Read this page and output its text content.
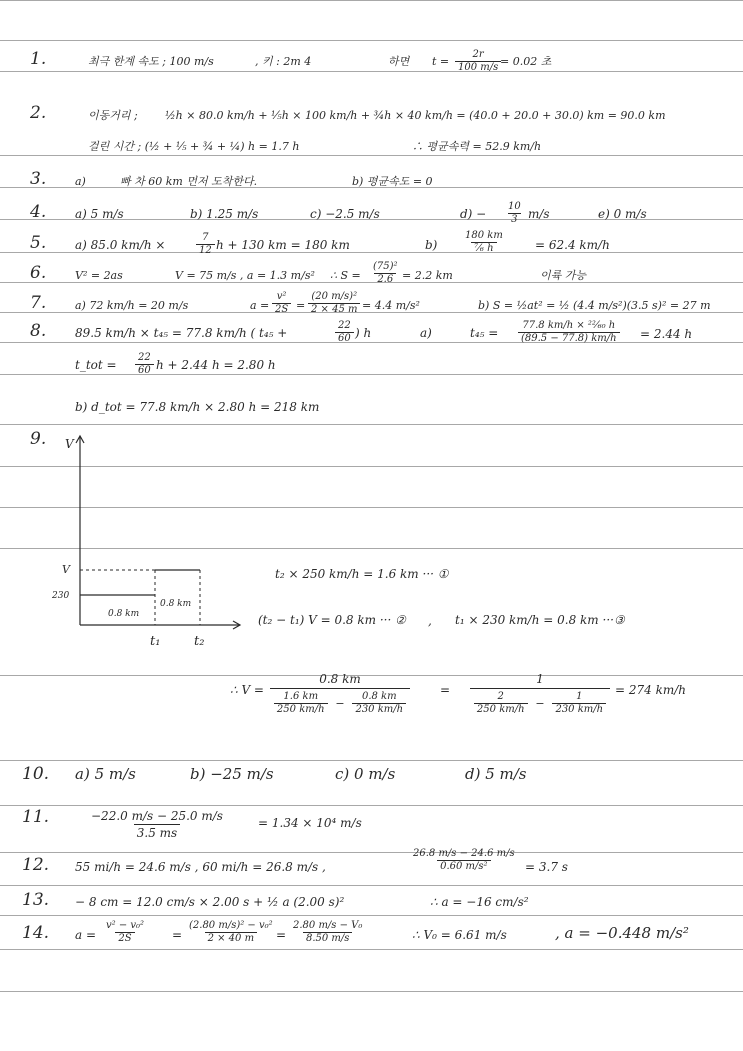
1.	최극 한계 속도 ; 100 m/s	, 키 : 2m 4	하면 $t = \frac{2r}{100 m/s}$
= 0.02 초
2.	이동거리 ; ½h × 80.0 km/h + ⅕h × 100 km/h + ¾h × 40 km/h = (40.0 + 20.0 + 30.0) km = 90.0 km
걸린 시간 ; (½ + ⅕ + ¾ + ¼) h = 1.7 h	∴ 평균속력 = 52.9 km/h
3.	a)	빠 차 60 km 먼저 도착한다.	b) 평균속도 = 0
4. a) 5 m/s	b) 1.25 m/s	c) −2.5 m/s	$d) - \frac{10}{3} m/s$	e) 0 m/s
5. a) 85.0 km/h ×	$\frac{7}{12}$ h + 130 km = 180 km	$b) \frac{180 km}{\text{⁷⁄₆ h}} = 62.4$ km/h
6.	V² = 2as	V = 75 m/s , a = 1.3 m/s² ∴ $S = \frac{\text{(75)²}}{2.6} = 2.2$ km	이륙 가능
7.	a) 72 km/h = 20 m/s	$a = \frac{\text{v²}}{2S} = \frac{\text{(20 m/s)²}}{2 \times 45 m} = 4.4$ m/s²	b) S = ½at² = ½ (4.4 m/s²)(3.5 s)² = 27 m
8. 89.5 km/h × t₄₅ = 77.8 km/h ( t₄₅ +	$\frac{22}{60}$ ) h	a)	$t_{45} = \frac{\text{77.8 km/h × ²²⁄₆₀ h}}{(89.5 - 77.8) km/h} = 2.44$ h
t_tot = $\frac{22}{60}$ h + 2.44 h = 2.80 h
b) d_tot = 77.8 km/h × 2.80 h = 218 km
9. V
V
230
0.8 km
0.8 km
t₁	t₂
t₂ × 250 km/h = 1.6 km ··· ①
(t₂ − t₁) V = 0.8 km ··· ② , t₁ × 230 km/h = 0.8 km ···③
∴ V =
0.8 km
$\frac{1.6 km}{250 km/h} - \frac{0.8 km}{230 km/h}$
=
1
$\frac{2}{250 km/h} - \frac{1}{230 km/h}$
= 274 km/h
10. a) 5 m/s	b) −25 m/s	c) 0 m/s	d) 5 m/s
11.	$\frac{-22.0 m/s - 25.0 m/s}{3.5 ms}$	= 1.34 × 10⁴ m/s
12. 55 mi/h = 24.6 m/s , 60 mi/h = 26.8 m/s ,	$\frac{26.8 m/s - 24.6 m/s}{\text{0.60 m/s²}} = 3.7$ s
13. − 8 cm = 12.0 cm/s × 2.00 s + ½ a (2.00 s)²	∴ a = −16 cm/s²
14. $a = \frac{\text{v² − v₀²}}{2S} = \frac{\text{(2.80 m/s)² − v₀²}}{2 \times 40 m} = \frac{\text{2.80 m/s − V₀}}{8.50 m/s}$	∴ V₀ = 6.61 m/s	, a = −0.448 m/s²
